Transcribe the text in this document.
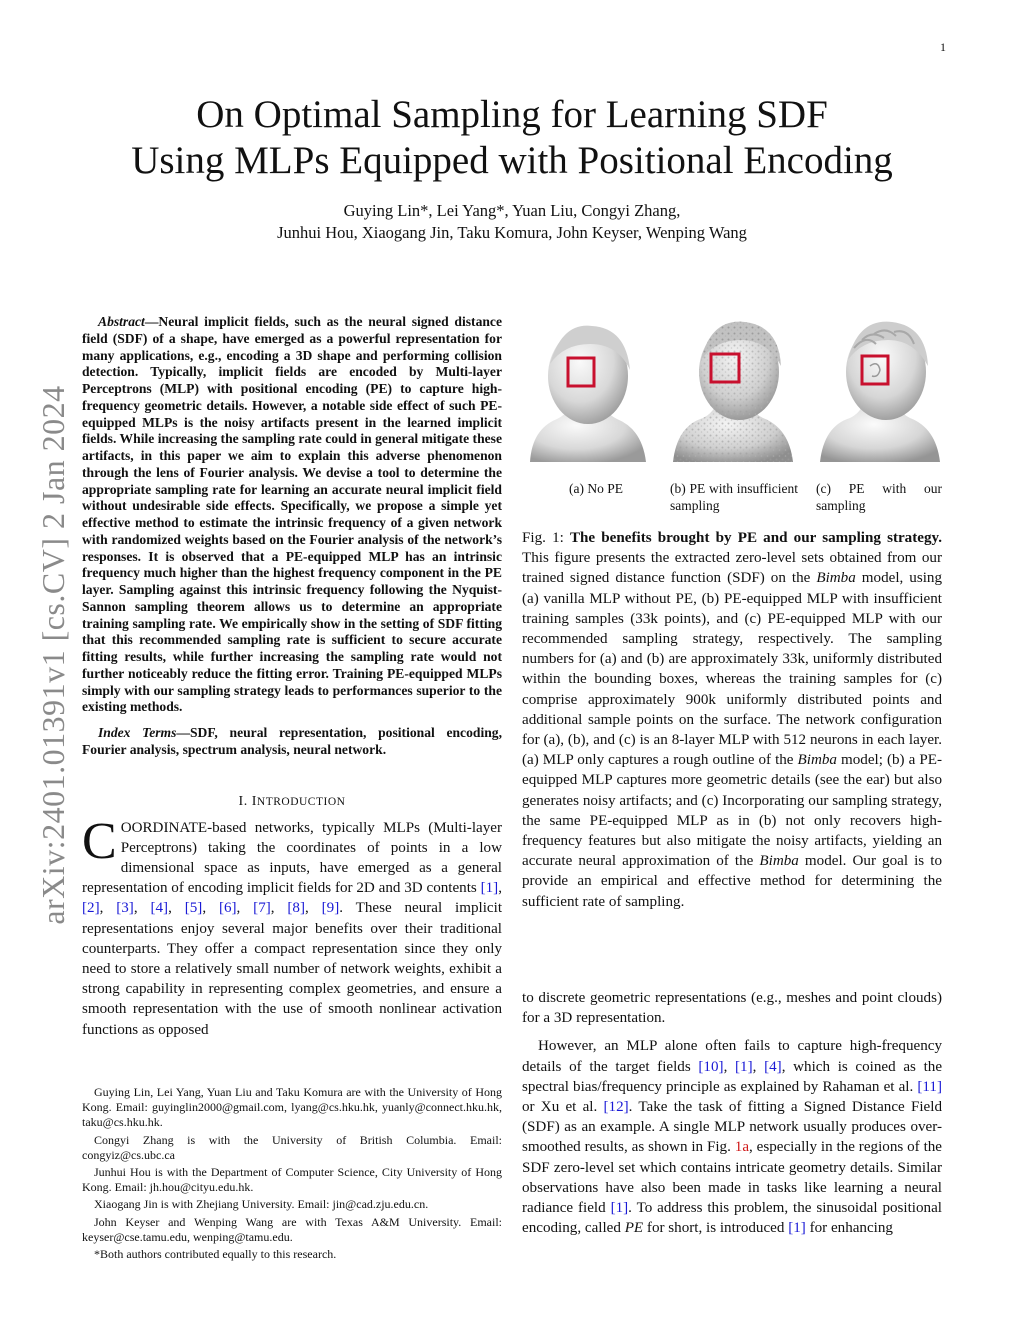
1
arXiv:2401.01391v1 [cs.CV] 2 Jan 2024
On Optimal Sampling for Learning SDF
Using MLPs Equipped with Positional Encoding
Guying Lin*, Lei Yang*, Yuan Liu, Congyi Zhang,
Junhui Hou, Xiaogang Jin, Taku Komura, John Keyser, Wenping Wang

Abstract—Neural implicit fields, such as the neural signed distance field (SDF) of a shape, have emerged as a powerful representation for many applications, e.g., encoding a 3D shape and performing collision detection. Typically, implicit fields are encoded by Multi-layer Perceptrons (MLP) with positional encoding (PE) to capture high-frequency geometric details. However, a notable side effect of such PE-equipped MLPs is the noisy artifacts present in the learned implicit fields. While increasing the sampling rate could in general mitigate these artifacts, in this paper we aim to explain this adverse phenomenon through the lens of Fourier analysis. We devise a tool to determine the appropriate sampling rate for learning an accurate neural implicit field without undesirable side effects. Specifically, we propose a simple yet effective method to estimate the intrinsic frequency of a given network with randomized weights based on the Fourier analysis of the network’s responses. It is observed that a PE-equipped MLP has an intrinsic frequency much higher than the highest frequency component in the PE layer. Sampling against this intrinsic frequency following the Nyquist-Sannon sampling theorem allows us to determine an appropriate training sampling rate. We empirically show in the setting of SDF fitting that this recommended sampling rate is sufficient to secure accurate fitting results, while further increasing the sampling rate would not further noticeably reduce the fitting error. Training PE-equipped MLPs simply with our sampling strategy leads to performances superior to the existing methods.

Index Terms—SDF, neural representation, positional encoding, Fourier analysis, spectrum analysis, neural network.

I. INTRODUCTION

COORDINATE-based networks, typically MLPs (Multi-layer Perceptrons) taking the coordinates of points in a low dimensional space as inputs, have emerged as a general representation of encoding implicit fields for 2D and 3D contents [1], [2], [3], [4], [5], [6], [7], [8], [9]. These neural implicit representations enjoy several major benefits over their traditional counterparts. They offer a compact representation since they only need to store a relatively small number of network weights, exhibit a strong capability in representing complex geometries, and ensure a smooth representation with the use of smooth nonlinear activation functions as opposed

Guying Lin, Lei Yang, Yuan Liu and Taku Komura are with the University of Hong Kong. Email: guyinglin2000@gmail.com, lyang@cs.hku.hk, yuanly@connect.hku.hk, taku@cs.hku.hk.

Congyi Zhang is with the University of British Columbia. Email: congyiz@cs.ubc.ca

Junhui Hou is with the Department of Computer Science, City University of Hong Kong. Email: jh.hou@cityu.edu.hk.

Xiaogang Jin is with Zhejiang University. Email: jin@cad.zju.edu.cn.

John Keyser and Wenping Wang are with Texas A&M University. Email: keyser@cse.tamu.edu, wenping@tamu.edu.

*Both authors contributed equally to this research.

(a) No PE	(b) PE with insufficient sampling
(c) PE with our sampling

Fig. 1: The benefits brought by PE and our sampling strategy. This figure presents the extracted zero-level sets obtained from our trained signed distance function (SDF) on the Bimba model, using (a) vanilla MLP without PE, (b) PE-equipped MLP with insufficient training samples (33k points), and (c) PE-equipped MLP with our recommended sampling strategy, respectively. The sampling numbers for (a) and (b) are approximately 33k, uniformly distributed within the bounding boxes, whereas the training samples for (c) comprise approximately 900k uniformly distributed points and additional sample points on the surface. The network configuration for (a), (b), and (c) is an 8-layer MLP with 512 neurons in each layer. (a) MLP only captures a rough outline of the Bimba model; (b) a PE-equipped MLP captures more geometric details (see the ear) but also generates noisy artifacts; and (c) Incorporating our sampling strategy, the same PE-equipped MLP as in (b) not only recovers high-frequency features but also mitigate the noisy artifacts, yielding an accurate neural approximation of the Bimba model. Our goal is to provide an empirical and effective method for determining the sufficient rate of sampling.

to discrete geometric representations (e.g., meshes and point clouds) for a 3D representation.

However, an MLP alone often fails to capture high-frequency details of the target fields [10], [1], [4], which is coined as the spectral bias/frequency principle as explained by Rahaman et al. [11] or Xu et al. [12]. Take the task of fitting a Signed Distance Field (SDF) as an example. A single MLP network usually produces over-smoothed results, as shown in Fig. 1a, especially in the regions of the SDF zero-level set which contains intricate geometry details. Similar observations have also been made in tasks like learning a neural radiance field [1]. To address this problem, the sinusoidal positional encoding, called PE for short, is introduced [1] for enhancing
